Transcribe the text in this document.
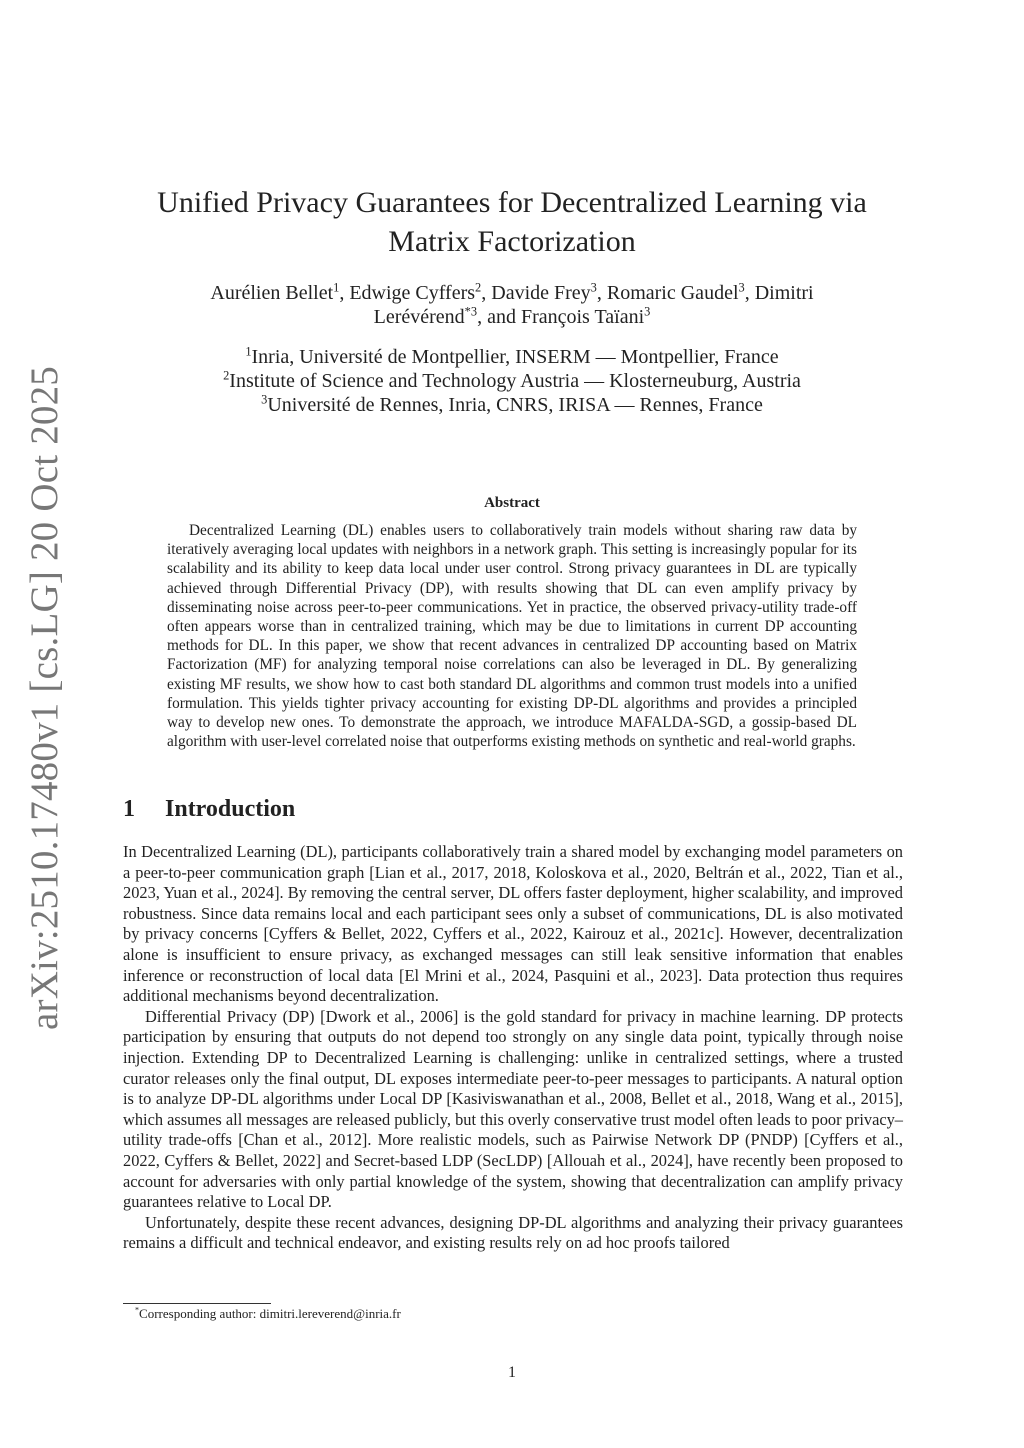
arXiv:2510.17480v1 [cs.LG] 20 Oct 2025
Unified Privacy Guarantees for Decentralized Learning via
Matrix Factorization
Aurélien Bellet$^1$, Edwige Cyffers$^2$, Davide Frey$^3$, Romaric Gaudel$^3$, Dimitri
Lerévérend$^{*3}$, and François Taïani$^3$
$^1$Inria, Université de Montpellier, INSERM — Montpellier, France
$^2$Institute of Science and Technology Austria — Klosterneuburg, Austria
$^3$Université de Rennes, Inria, CNRS, IRISA — Rennes, France
Abstract
Decentralized Learning (DL) enables users to collaboratively train models without sharing raw data by iteratively averaging local updates with neighbors in a network graph. This setting is increasingly popular for its scalability and its ability to keep data local under user control. Strong privacy guarantees in DL are typically achieved through Differential Privacy (DP), with results showing that DL can even amplify privacy by disseminating noise across peer-to-peer communications. Yet in practice, the observed privacy-utility trade-off often appears worse than in centralized training, which may be due to limitations in current DP accounting methods for DL. In this paper, we show that recent advances in centralized DP accounting based on Matrix Factorization (MF) for analyzing temporal noise correlations can also be leveraged in DL. By generalizing existing MF results, we show how to cast both standard DL algorithms and common trust models into a unified formulation. This yields tighter privacy accounting for existing DP-DL algorithms and provides a principled way to develop new ones. To demonstrate the approach, we introduce MAFALDA-SGD, a gossip-based DL algorithm with user-level correlated noise that outperforms existing methods on synthetic and real-world graphs.
1 Introduction

In Decentralized Learning (DL), participants collaboratively train a shared model by exchanging model parameters on a peer-to-peer communication graph [Lian et al., 2017, 2018, Koloskova et al., 2020, Beltrán et al., 2022, Tian et al., 2023, Yuan et al., 2024]. By removing the central server, DL offers faster deployment, higher scalability, and improved robustness. Since data remains local and each participant sees only a subset of communications, DL is also motivated by privacy concerns [Cyffers & Bellet, 2022, Cyffers et al., 2022, Kairouz et al., 2021c]. However, decentralization alone is insufficient to ensure privacy, as exchanged messages can still leak sensitive information that enables inference or reconstruction of local data [El Mrini et al., 2024, Pasquini et al., 2023]. Data protection thus requires additional mechanisms beyond decentralization.

Differential Privacy (DP) [Dwork et al., 2006] is the gold standard for privacy in machine learning. DP protects participation by ensuring that outputs do not depend too strongly on any single data point, typically through noise injection. Extending DP to Decentralized Learning is challenging: unlike in centralized settings, where a trusted curator releases only the final output, DL exposes intermediate peer-to-peer messages to participants. A natural option is to analyze DP-DL algorithms under Local DP [Kasiviswanathan et al., 2008, Bellet et al., 2018, Wang et al., 2015], which assumes all messages are released publicly, but this overly conservative trust model often leads to poor privacy–utility trade-offs [Chan et al., 2012]. More realistic models, such as Pairwise Network DP (PNDP) [Cyffers et al., 2022, Cyffers & Bellet, 2022] and Secret-based LDP (SecLDP) [Allouah et al., 2024], have recently been proposed to account for adversaries with only partial knowledge of the system, showing that decentralization can amplify privacy guarantees relative to Local DP.

Unfortunately, despite these recent advances, designing DP-DL algorithms and analyzing their privacy guarantees remains a difficult and technical endeavor, and existing results rely on ad hoc proofs tailored

*Corresponding author: dimitri.lereverend@inria.fr
1
